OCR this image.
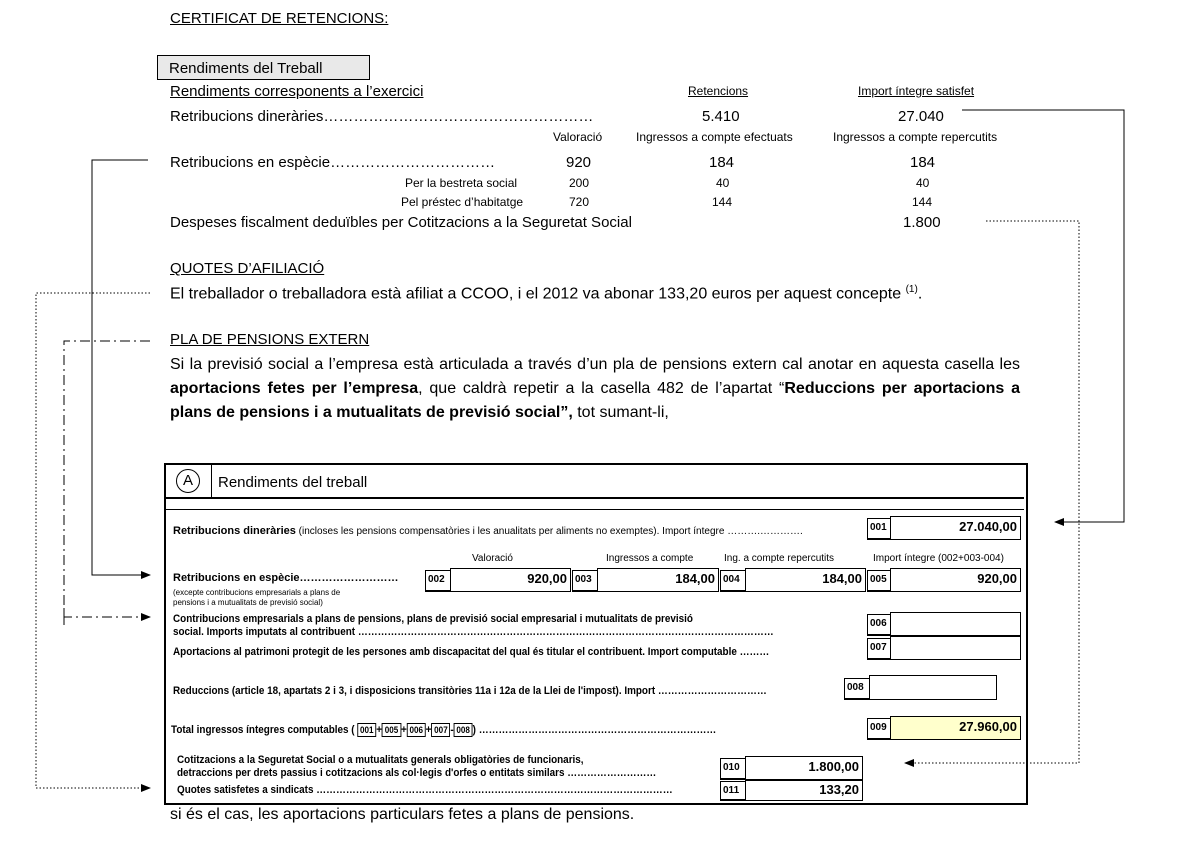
CERTIFICAT DE RETENCIONS:
Rendiments del Treball
Rendiments corresponents a l’exercici	Retencions	Import íntegre satisfet
Retribucions dineràries………………………………………………	5.410	27.040
Valoració	Ingressos a compte efectuats	Ingressos a compte repercutits
Retribucions en espècie……………………………	920	184	184
Per la bestreta social	200	40	40
Pel préstec d’habitatge	720	144	144
Despeses fiscalment deduïbles per Cotitzacions a la Seguretat Social	1.800
QUOTES D’AFILIACIÓ
El treballador o treballadora està afiliat a CCOO, i el 2012 va abonar 133,20 euros per aquest concepte $^{(1)}$.
PLA DE PENSIONS EXTERN
Si la previsió social a l’empresa està articulada a través d’un pla de pensions extern cal anotar en aquesta casella les aportacions fetes per l’empresa, que caldrà repetir a la casella 482 de l’apartat “Reduccions per aportacions a plans de pensions i a mutualitats de previsió social”, tot sumant-li,
A	Rendiments del treball
Retribucions dineràries (incloses les pensions compensatòries i les anualitats per aliments no exemptes). Import íntegre ……….………….	001	27.040,00
Valoració	Ingressos a compte	Ing. a compte repercutits	Import íntegre (002+003-004)
Retribucions en espècie………………………
(excepte contribucions empresarials a plans de
pensions i a mutualitats de previsió social)
002	920,00 003	184,00 004	184,00 005	920,00
Contribucions empresarials a plans de pensions, plans de previsió social empresarial i mutualitats de previsió
social. Imports imputats al contribuent ………………………………………………………………………………………………………………
006
Aportacions al patrimoni protegit de les persones amb discapacitat del qual és titular el contribuent. Import computable ………	007
Reduccions (article 18, apartats 2 i 3, i disposicions transitòries 11a i 12a de la Llei de l'impost). Import ……………………………	008
Total ingressos íntegres computables ( 001 + 005 + 006 + 007 - 008 ) ………………………………………………………………	009	27.960,00
Cotitzacions a la Seguretat Social o a mutualitats generals obligatòries de funcionaris,
detraccions per drets passius i cotitzacions als col·legis d'orfes o entitats similars ………………………	010	1.800,00
Quotes satisfetes a sindicats ………………………………………………………………………………………………	011	133,20
si és el cas, les aportacions particulars fetes a plans de pensions.
